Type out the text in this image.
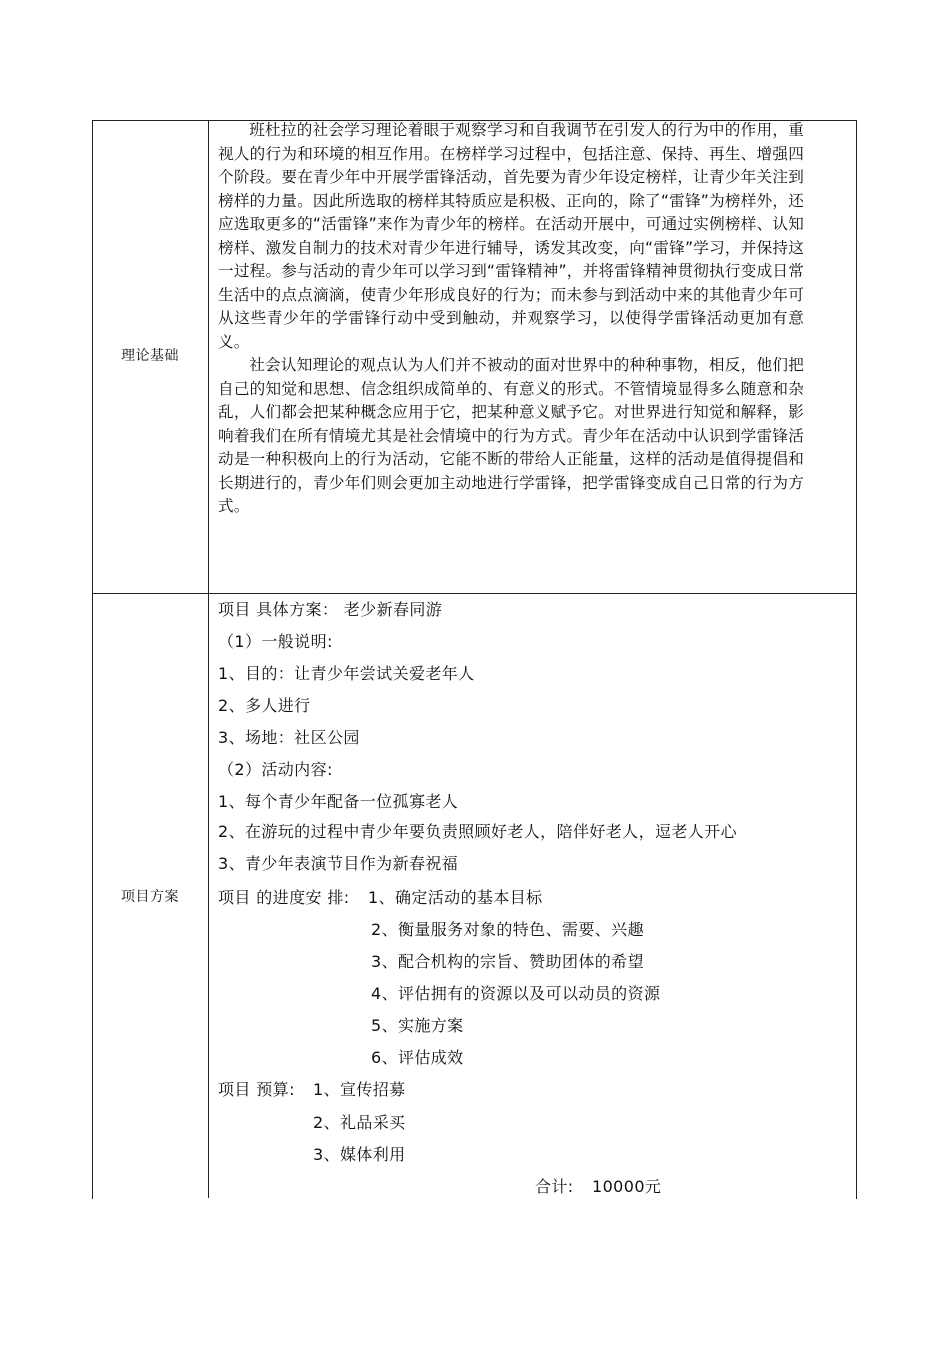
理论基础

班杜拉的社会学习理论着眼于观察学习和自我调节在引发人的行为中的作用，重视人的行为和环境的相互作用。在榜样学习过程中，包括注意、保持、再生、增强四个阶段。要在青少年中开展学雷锋活动，首先要为青少年设定榜样，让青少年关注到榜样的力量。因此所选取的榜样其特质应是积极、正向的，除了“雷锋”为榜样外，还应选取更多的“活雷锋”来作为青少年的榜样。在活动开展中，可通过实例榜样、认知榜样、激发自制力的技术对青少年进行辅导，诱发其改变，向“雷锋”学习，并保持这一过程。参与活动的青少年可以学习到“雷锋精神”，并将雷锋精神贯彻执行变成日常生活中的点点滴滴，使青少年形成良好的行为；而未参与到活动中来的其他青少年可从这些青少年的学雷锋行动中受到触动，并观察学习，以使得学雷锋活动更加有意义。

社会认知理论的观点认为人们并不被动的面对世界中的种种事物，相反，他们把自己的知觉和思想、信念组织成简单的、有意义的形式。不管情境显得多么随意和杂乱，人们都会把某种概念应用于它，把某种意义赋予它。对世界进行知觉和解释，影响着我们在所有情境尤其是社会情境中的行为方式。青少年在活动中认识到学雷锋活动是一种积极向上的行为活动，它能不断的带给人正能量，这样的活动是值得提倡和长期进行的，青少年们则会更加主动地进行学雷锋，把学雷锋变成自己日常的行为方式。

项目方案
项目 具体方案： 老少新春同游
（1）一般说明:
1、目的：让青少年尝试关爱老年人
2、多人进行
3、场地：社区公园
（2）活动内容:
1、每个青少年配备一位孤寡老人
2、在游玩的过程中青少年要负责照顾好老人，陪伴好老人，逗老人开心
3、青少年表演节目作为新春祝福
项目 的进度安 排: 1、确定活动的基本目标
2、衡量服务对象的特色、需要、兴趣
3、配合机构的宗旨、赞助团体的希望
4、评估拥有的资源以及可以动员的资源
5、实施方案
6、评估成效
项目 预算: 1、宣传招募
2、礼品采买
3、媒体利用
合计: 10000元
